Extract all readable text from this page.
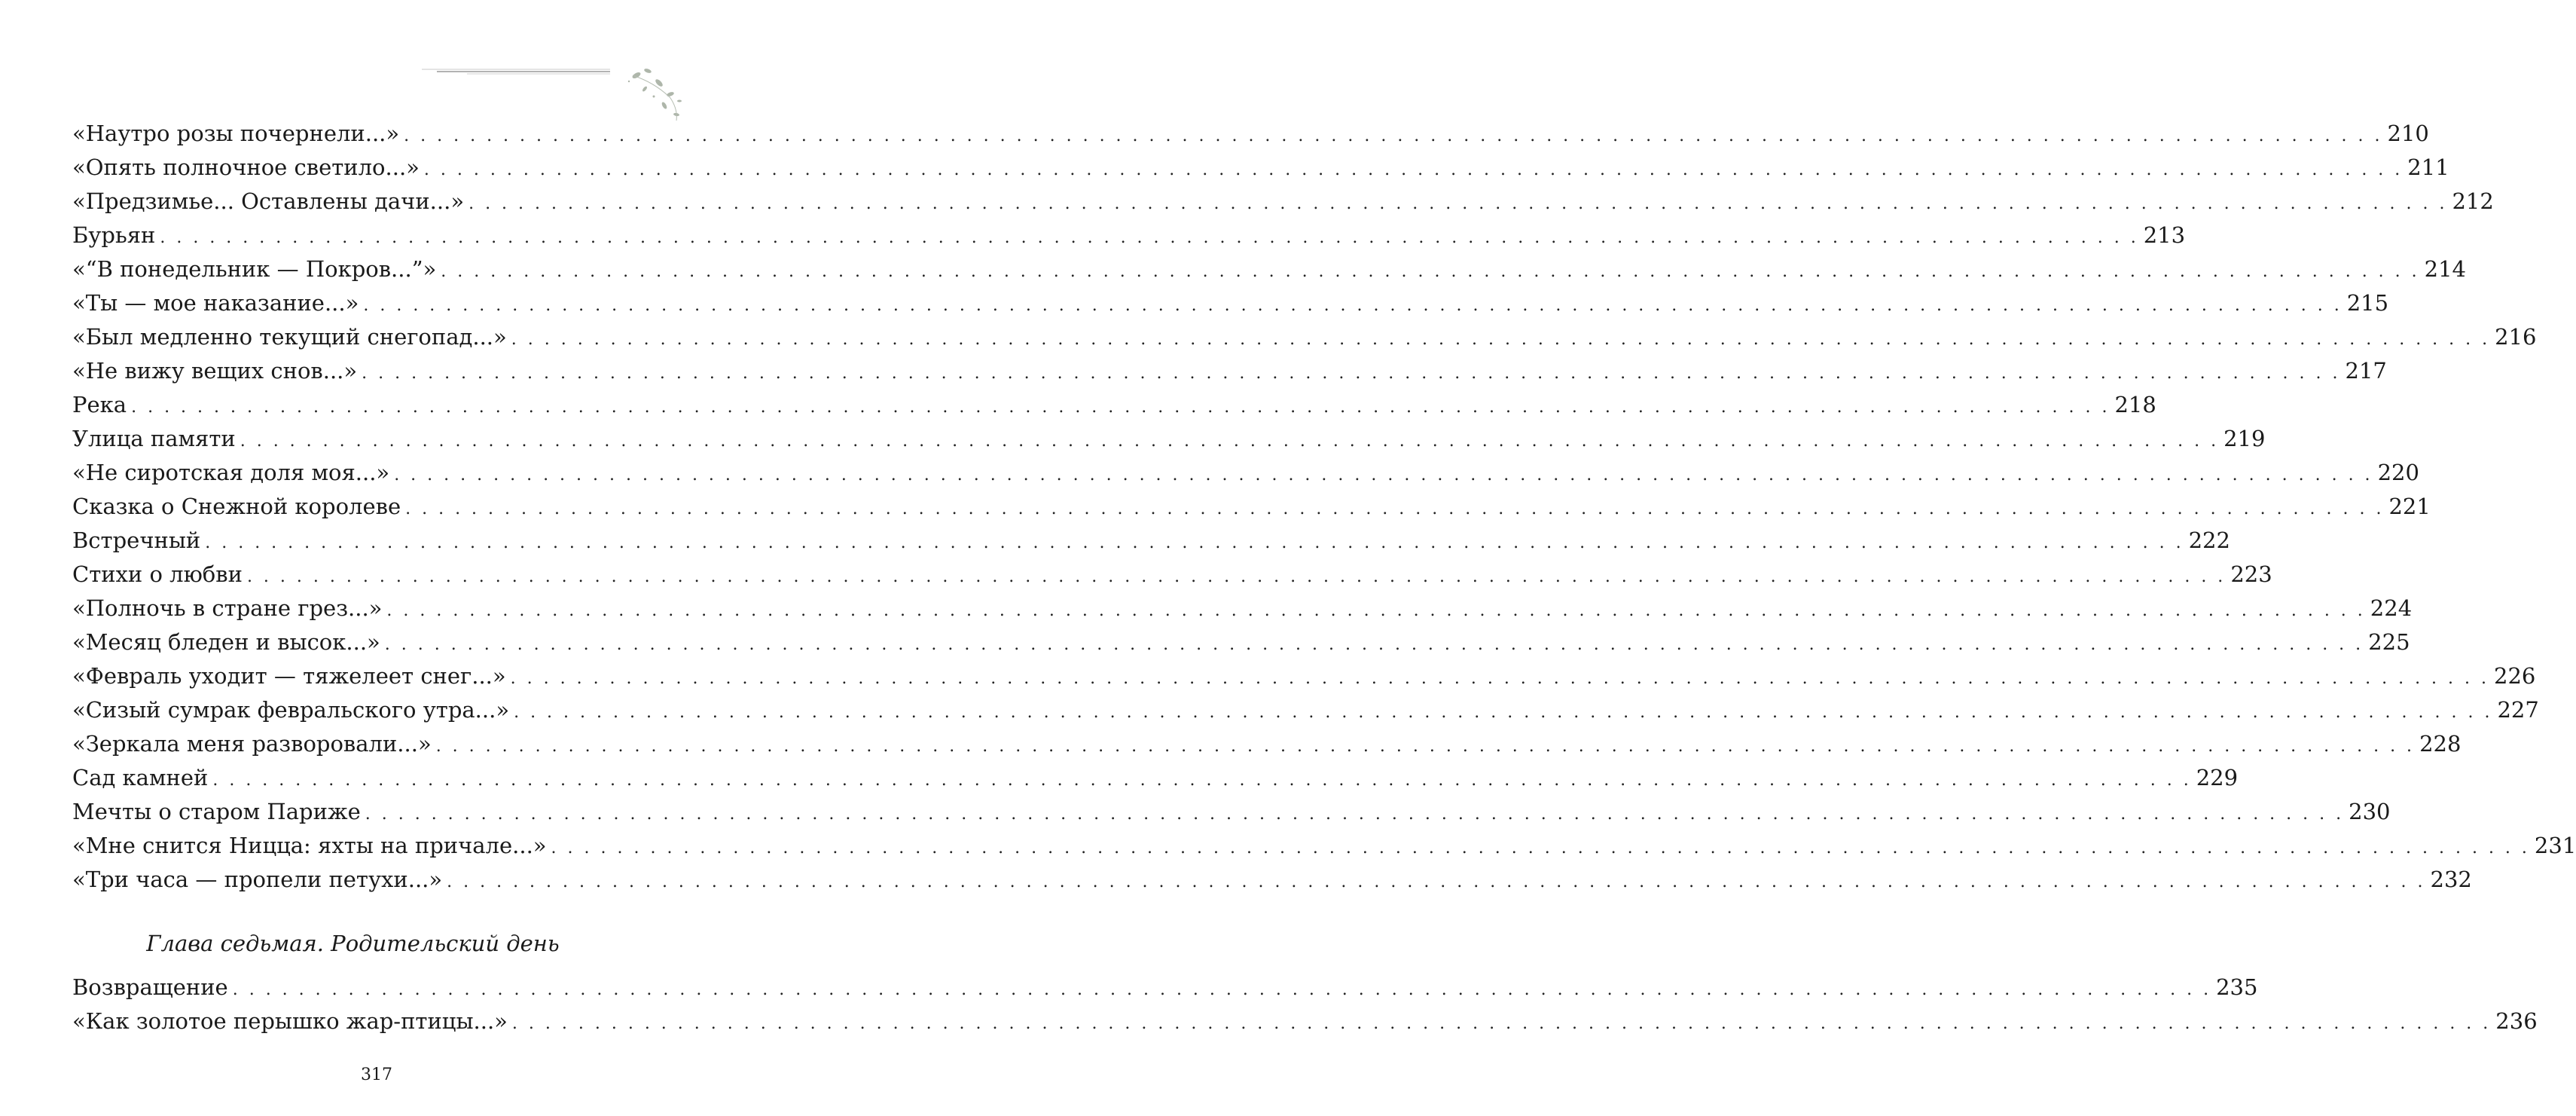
«Наутро розы почернели...» . . . . . . . . . . . . . . . . . . . . . . . . . . . . . . . . . . . . . . . . . . . . . . . . . . . . . . . . . . . . . . . . . . . . . . . . . . . . . . . . . . . . . . . . . . . . . . . . . . . . . . . . . . . . . . . . . . . . . . . . 210
«Опять полночное светило...» . . . . . . . . . . . . . . . . . . . . . . . . . . . . . . . . . . . . . . . . . . . . . . . . . . . . . . . . . . . . . . . . . . . . . . . . . . . . . . . . . . . . . . . . . . . . . . . . . . . . . . . . . . . . . . . . . . . . . . . . 211
«Предзимье... Оставлены дачи...» . . . . . . . . . . . . . . . . . . . . . . . . . . . . . . . . . . . . . . . . . . . . . . . . . . . . . . . . . . . . . . . . . . . . . . . . . . . . . . . . . . . . . . . . . . . . . . . . . . . . . . . . . . . . . . . . . . . . . . . . 212
Бурьян . . . . . . . . . . . . . . . . . . . . . . . . . . . . . . . . . . . . . . . . . . . . . . . . . . . . . . . . . . . . . . . . . . . . . . . . . . . . . . . . . . . . . . . . . . . . . . . . . . . . . . . . . . . . . . . . . . . . . . . . 213
«“В понедельник — Покров...”» . . . . . . . . . . . . . . . . . . . . . . . . . . . . . . . . . . . . . . . . . . . . . . . . . . . . . . . . . . . . . . . . . . . . . . . . . . . . . . . . . . . . . . . . . . . . . . . . . . . . . . . . . . . . . . . . . . . . . . . . 214
«Ты — мое наказание...» . . . . . . . . . . . . . . . . . . . . . . . . . . . . . . . . . . . . . . . . . . . . . . . . . . . . . . . . . . . . . . . . . . . . . . . . . . . . . . . . . . . . . . . . . . . . . . . . . . . . . . . . . . . . . . . . . . . . . . . . 215
«Был медленно текущий снегопад...» . . . . . . . . . . . . . . . . . . . . . . . . . . . . . . . . . . . . . . . . . . . . . . . . . . . . . . . . . . . . . . . . . . . . . . . . . . . . . . . . . . . . . . . . . . . . . . . . . . . . . . . . . . . . . . . . . . . . . . . . 216
«Не вижу вещих снов...» . . . . . . . . . . . . . . . . . . . . . . . . . . . . . . . . . . . . . . . . . . . . . . . . . . . . . . . . . . . . . . . . . . . . . . . . . . . . . . . . . . . . . . . . . . . . . . . . . . . . . . . . . . . . . . . . . . . . . . . . 217
Река . . . . . . . . . . . . . . . . . . . . . . . . . . . . . . . . . . . . . . . . . . . . . . . . . . . . . . . . . . . . . . . . . . . . . . . . . . . . . . . . . . . . . . . . . . . . . . . . . . . . . . . . . . . . . . . . . . . . . . . . 218
Улица памяти . . . . . . . . . . . . . . . . . . . . . . . . . . . . . . . . . . . . . . . . . . . . . . . . . . . . . . . . . . . . . . . . . . . . . . . . . . . . . . . . . . . . . . . . . . . . . . . . . . . . . . . . . . . . . . . . . . . . . . . . 219
«Не сиротская доля моя...» . . . . . . . . . . . . . . . . . . . . . . . . . . . . . . . . . . . . . . . . . . . . . . . . . . . . . . . . . . . . . . . . . . . . . . . . . . . . . . . . . . . . . . . . . . . . . . . . . . . . . . . . . . . . . . . . . . . . . . . . 220
Сказка о Снежной королеве . . . . . . . . . . . . . . . . . . . . . . . . . . . . . . . . . . . . . . . . . . . . . . . . . . . . . . . . . . . . . . . . . . . . . . . . . . . . . . . . . . . . . . . . . . . . . . . . . . . . . . . . . . . . . . . . . . . . . . . . 221
Встречный . . . . . . . . . . . . . . . . . . . . . . . . . . . . . . . . . . . . . . . . . . . . . . . . . . . . . . . . . . . . . . . . . . . . . . . . . . . . . . . . . . . . . . . . . . . . . . . . . . . . . . . . . . . . . . . . . . . . . . . . 222
Стихи о любви . . . . . . . . . . . . . . . . . . . . . . . . . . . . . . . . . . . . . . . . . . . . . . . . . . . . . . . . . . . . . . . . . . . . . . . . . . . . . . . . . . . . . . . . . . . . . . . . . . . . . . . . . . . . . . . . . . . . . . . . 223
«Полночь в стране грез...» . . . . . . . . . . . . . . . . . . . . . . . . . . . . . . . . . . . . . . . . . . . . . . . . . . . . . . . . . . . . . . . . . . . . . . . . . . . . . . . . . . . . . . . . . . . . . . . . . . . . . . . . . . . . . . . . . . . . . . . . 224
«Месяц бледен и высок...» . . . . . . . . . . . . . . . . . . . . . . . . . . . . . . . . . . . . . . . . . . . . . . . . . . . . . . . . . . . . . . . . . . . . . . . . . . . . . . . . . . . . . . . . . . . . . . . . . . . . . . . . . . . . . . . . . . . . . . . . 225
«Февраль уходит — тяжелеет снег...» . . . . . . . . . . . . . . . . . . . . . . . . . . . . . . . . . . . . . . . . . . . . . . . . . . . . . . . . . . . . . . . . . . . . . . . . . . . . . . . . . . . . . . . . . . . . . . . . . . . . . . . . . . . . . . . . . . . . . . . . 226
«Сизый сумрак февральского утра...» . . . . . . . . . . . . . . . . . . . . . . . . . . . . . . . . . . . . . . . . . . . . . . . . . . . . . . . . . . . . . . . . . . . . . . . . . . . . . . . . . . . . . . . . . . . . . . . . . . . . . . . . . . . . . . . . . . . . . . . . 227
«Зеркала меня разворовали...» . . . . . . . . . . . . . . . . . . . . . . . . . . . . . . . . . . . . . . . . . . . . . . . . . . . . . . . . . . . . . . . . . . . . . . . . . . . . . . . . . . . . . . . . . . . . . . . . . . . . . . . . . . . . . . . . . . . . . . . . 228
Сад камней . . . . . . . . . . . . . . . . . . . . . . . . . . . . . . . . . . . . . . . . . . . . . . . . . . . . . . . . . . . . . . . . . . . . . . . . . . . . . . . . . . . . . . . . . . . . . . . . . . . . . . . . . . . . . . . . . . . . . . . . 229
Мечты о старом Париже . . . . . . . . . . . . . . . . . . . . . . . . . . . . . . . . . . . . . . . . . . . . . . . . . . . . . . . . . . . . . . . . . . . . . . . . . . . . . . . . . . . . . . . . . . . . . . . . . . . . . . . . . . . . . . . . . . . . . . . . 230
«Мне снится Ницца: яхты на причале...» . . . . . . . . . . . . . . . . . . . . . . . . . . . . . . . . . . . . . . . . . . . . . . . . . . . . . . . . . . . . . . . . . . . . . . . . . . . . . . . . . . . . . . . . . . . . . . . . . . . . . . . . . . . . . . . . . . . . . . . . 231
«Три часа — пропели петухи...» . . . . . . . . . . . . . . . . . . . . . . . . . . . . . . . . . . . . . . . . . . . . . . . . . . . . . . . . . . . . . . . . . . . . . . . . . . . . . . . . . . . . . . . . . . . . . . . . . . . . . . . . . . . . . . . . . . . . . . . . 232
Глава седьмая. Родительский день
Возвращение . . . . . . . . . . . . . . . . . . . . . . . . . . . . . . . . . . . . . . . . . . . . . . . . . . . . . . . . . . . . . . . . . . . . . . . . . . . . . . . . . . . . . . . . . . . . . . . . . . . . . . . . . . . . . . . . . . . . . . . . 235
«Как золотое перышко жар-птицы...» . . . . . . . . . . . . . . . . . . . . . . . . . . . . . . . . . . . . . . . . . . . . . . . . . . . . . . . . . . . . . . . . . . . . . . . . . . . . . . . . . . . . . . . . . . . . . . . . . . . . . . . . . . . . . . . . . . . . . . . . 236
317
